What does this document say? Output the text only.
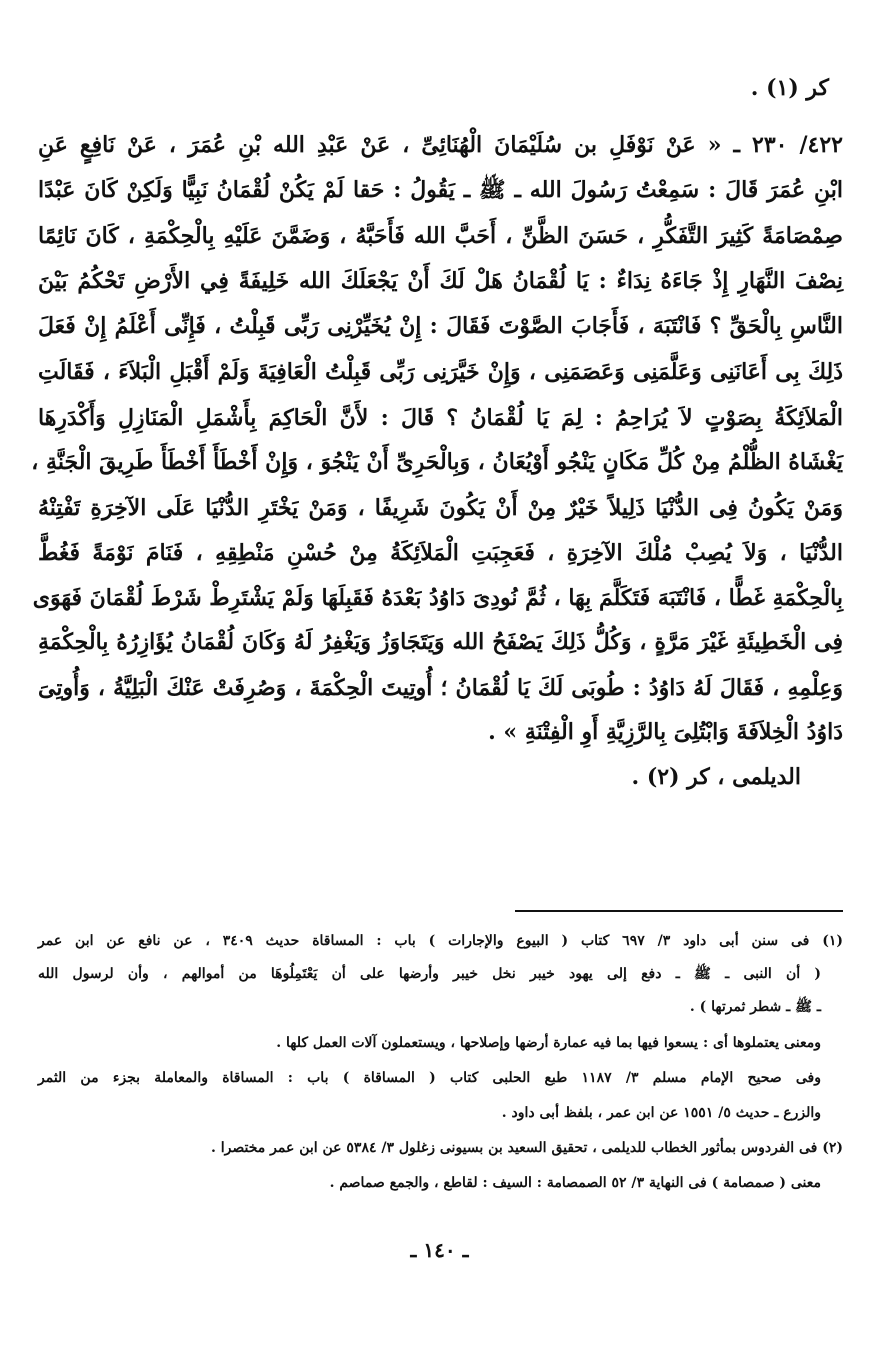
كر (١) .
٤٢٢/ ٢٣٠ ـ « عَنْ نَوْفَلِ بن سُلَيْمَانَ الْهُنَائِىِّ ، عَنْ عَبْدِ الله بْنِ عُمَرَ ، عَنْ نَافِعٍ عَنِ
ابْنِ عُمَرَ قَالَ : سَمِعْتُ رَسُولَ الله ـ ﷺ ـ يَقُولُ : حَقا لَمْ يَكُنْ لُقْمَانُ نَبِيًّا وَلَكِنْ كَانَ عَبْدًا
صِمْصَامَةً كَثِيرَ التَّفَكُّرِ ، حَسَنَ الظَّنِّ ، أَحَبَّ الله فَأَحَبَّهُ ، وَضَمَّنَ عَلَيْهِ بِالْحِكْمَةِ ، كَانَ نَائِمًا
نِصْفَ النَّهَارِ إِذْ جَاءَهُ نِدَاءٌ : يَا لُقْمَانُ هَلْ لَكَ أَنْ يَجْعَلَكَ الله خَلِيفَةً فِي الأَرْضِ تَحْكُمُ بَيْنَ
النَّاسِ بِالْحَقِّ ؟ فَانْتَبَهَ ، فَأَجَابَ الصَّوْتَ فَقَالَ : إِنْ يُخَيِّرْنِى رَبِّى قَبِلْتُ ، فَإِنِّى أَعْلَمُ إِنْ فَعَلَ
ذَلِكَ بِى أَعَانَنِى وَعَلَّمَنِى وَعَصَمَنِى ، وَإِنْ خَيَّرَنِى رَبِّى قَبِلْتُ الْعَافِيَةَ وَلَمْ أَقْبَلِ الْبَلاَءَ ، فَقَالَتِ
الْمَلاَئِكَةُ بِصَوْتٍ لاَ يُرَاحِمُ : لِمَ يَا لُقْمَانُ ؟ قَالَ : لأَنَّ الْحَاكِمَ بِأَشْمَلِ الْمَنَازِلِ وَأَكْدَرِهَا
يَغْشَاهُ الظُّلْمُ مِنْ كُلِّ مَكَانٍ يَنْجُو أَوْيُعَانُ ، وَبِالْحَرِىِّ أَنْ يَنْجُوَ ، وَإِنْ أَخْطَأَ أَخْطَأَ طَرِيقَ الْجَنَّةِ ،
وَمَنْ يَكُونُ فِى الدُّنْيَا ذَلِيلاً خَيْرٌ مِنْ أَنْ يَكُونَ شَرِيفًا ، وَمَنْ يَخْتَرِ الدُّنْيَا عَلَى الآخِرَةِ تَفْتِنْهُ
الدُّنْيَا ، وَلاَ يُصِبْ مُلْكَ الآخِرَةِ ، فَعَجِبَتِ الْمَلاَئِكَةُ مِنْ حُسْنِ مَنْطِقِهِ ، فَنَامَ نَوْمَةً فَغُطَّ
بِالْحِكْمَةِ غَطًّا ، فَانْتَبَهَ فَتَكَلَّمَ بِهَا ، ثُمَّ نُودِىَ دَاوُدُ بَعْدَهُ فَقَبِلَهَا وَلَمْ يَشْتَرِطْ شَرْطَ لُقْمَانَ فَهَوَى
فِى الْخَطِيئَةِ غَيْرَ مَرَّةٍ ، وَكُلُّ ذَلِكَ يَصْفَحُ الله وَيَتَجَاوَزُ وَيَغْفِرُ لَهُ وَكَانَ لُقْمَانُ يُؤَازِرُهُ بِالْحِكْمَةِ
وَعِلْمِهِ ، فَقَالَ لَهُ دَاوُدُ : طُوبَى لَكَ يَا لُقْمَانُ ؛ أُوتِيتَ الْحِكْمَةَ ، وَصُرِفَتْ عَنْكَ الْبَلِيَّةُ ، وَأُوتِىَ
دَاوُدُ الْخِلاَفَةَ وَابْتُلِىَ بِالرَّزِيَّةِ أَوِ الْفِتْنَةِ » .
الديلمى ، كر (٢) .
(١) فى سنن أبى داود ٣/ ٦٩٧ كتاب ( البيوع والإجارات ) باب : المساقاة حديث ٣٤٠٩ ، عن نافع عن ابن عمر
( أن النبى ـ ﷺ ـ دفع إلى يهود خيبر نخل خيبر وأرضها على أن يَعْتَمِلُوهَا من أموالهم ، وأن لرسول الله
ـ ﷺ ـ شطر ثمرتها ) .
ومعنى يعتملوها أى : يسعوا فيها بما فيه عمارة أرضها وإصلاحها ، ويستعملون آلات العمل كلها .
وفى صحيح الإمام مسلم ٣/ ١١٨٧ طبع الحلبى كتاب ( المساقاة ) باب : المساقاة والمعاملة بجزء من الثمر
والزرع ـ حديث ٥/ ١٥٥١ عن ابن عمر ، بلفظ أبى داود .
(٢) فى الفردوس بمأثور الخطاب للديلمى ، تحقيق السعيد بن بسيونى زغلول ٣/ ٥٣٨٤ عن ابن عمر مختصرا .
معنى ( صمصامة ) فى النهاية ٣/ ٥٢ الصمصامة : السيف : لقاطع ، والجمع صماصم .
ـ ١٤٠ ـ
